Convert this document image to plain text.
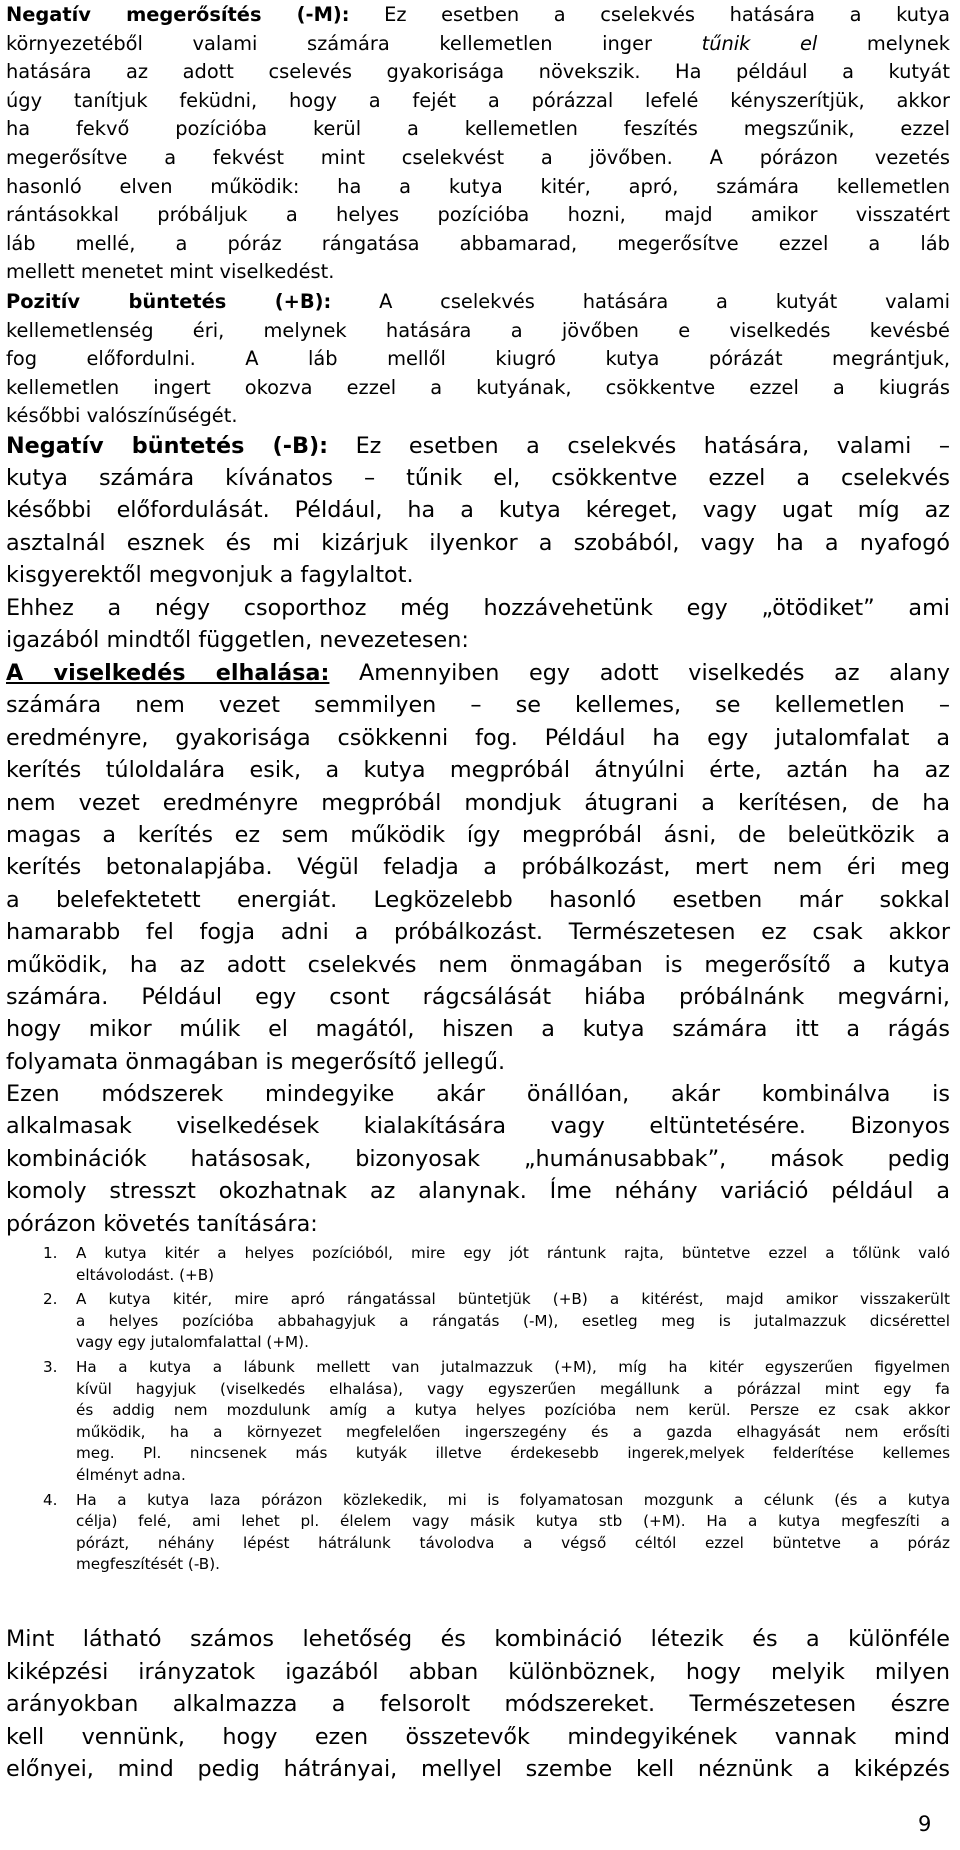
Negatív megerősítés (-M): Ez esetben a cselekvés hatására a kutya
környezetéből valami számára kellemetlen inger tűnik el melynek
hatására az adott cselevés gyakorisága növekszik. Ha például a kutyát
úgy tanítjuk feküdni, hogy a fejét a pórázzal lefelé kényszerítjük, akkor
ha fekvő pozícióba kerül a kellemetlen feszítés megszűnik, ezzel
megerősítve a fekvést mint cselekvést a jövőben. A pórázon vezetés
hasonló elven működik: ha a kutya kitér, apró, számára kellemetlen
rántásokkal próbáljuk a helyes pozícióba hozni, majd amikor visszatért
láb mellé, a póráz rángatása abbamarad, megerősítve ezzel a láb
mellett menetet mint viselkedést.
Pozitív büntetés (+B): A cselekvés hatására a kutyát valami
kellemetlenség éri, melynek hatására a jövőben e viselkedés kevésbé
fog előfordulni. A láb mellől kiugró kutya pórázát megrántjuk,
kellemetlen ingert okozva ezzel a kutyának, csökkentve ezzel a kiugrás
későbbi valószínűségét.
Negatív büntetés (-B): Ez esetben a cselekvés hatására, valami –
kutya számára kívánatos – tűnik el, csökkentve ezzel a cselekvés
későbbi előfordulását. Például, ha a kutya kéreget, vagy ugat míg az
asztalnál esznek és mi kizárjuk ilyenkor a szobából, vagy ha a nyafogó
kisgyerektől megvonjuk a fagylaltot.
Ehhez a négy csoporthoz még hozzávehetünk egy „ötödiket” ami
igazából mindtől független, nevezetesen:
A viselkedés elhalása: Amennyiben egy adott viselkedés az alany
számára nem vezet semmilyen – se kellemes, se kellemetlen –
eredményre, gyakorisága csökkenni fog. Például ha egy jutalomfalat a
kerítés túloldalára esik, a kutya megpróbál átnyúlni érte, aztán ha az
nem vezet eredményre megpróbál mondjuk átugrani a kerítésen, de ha
magas a kerítés ez sem működik így megpróbál ásni, de beleütközik a
kerítés betonalapjába. Végül feladja a próbálkozást, mert nem éri meg
a belefektetett energiát. Legközelebb hasonló esetben már sokkal
hamarabb fel fogja adni a próbálkozást. Természetesen ez csak akkor
működik, ha az adott cselekvés nem önmagában is megerősítő a kutya
számára. Például egy csont rágcsálását hiába próbálnánk megvárni,
hogy mikor múlik el magától, hiszen a kutya számára itt a rágás
folyamata önmagában is megerősítő jellegű.
Ezen módszerek mindegyike akár önállóan, akár kombinálva is
alkalmasak viselkedések kialakítására vagy eltüntetésére. Bizonyos
kombinációk hatásosak, bizonyosak „humánusabbak”, mások pedig
komoly stresszt okozhatnak az alanynak. Íme néhány variáció például a
pórázon követés tanítására:
1. A kutya kitér a helyes pozícióból, mire egy jót rántunk rajta, büntetve ezzel a tőlünk való
eltávolodást. (+B)
2. A kutya kitér, mire apró rángatással büntetjük (+B) a kitérést, majd amikor visszakerült
a helyes pozícióba abbahagyjuk a rángatás (-M), esetleg meg is jutalmazzuk dicsérettel
vagy egy jutalomfalattal (+M).
3. Ha a kutya a lábunk mellett van jutalmazzuk (+M), míg ha kitér egyszerűen figyelmen
kívül hagyjuk (viselkedés elhalása), vagy egyszerűen megállunk a pórázzal mint egy fa
és addig nem mozdulunk amíg a kutya helyes pozícióba nem kerül. Persze ez csak akkor
működik, ha a környezet megfelelően ingerszegény és a gazda elhagyását nem erősíti
meg. Pl. nincsenek más kutyák illetve érdekesebb ingerek,melyek felderítése kellemes
élményt adna.
4. Ha a kutya laza pórázon közlekedik, mi is folyamatosan mozgunk a célunk (és a kutya
célja) felé, ami lehet pl. élelem vagy másik kutya stb (+M). Ha a kutya megfeszíti a
pórázt, néhány lépést hátrálunk távolodva a végső céltól ezzel büntetve a póráz
megfeszítését (-B).
Mint látható számos lehetőség és kombináció létezik és a különféle
kiképzési irányzatok igazából abban különböznek, hogy melyik milyen
arányokban alkalmazza a felsorolt módszereket. Természetesen észre
kell vennünk, hogy ezen összetevők mindegyikének vannak mind
előnyei, mind pedig hátrányai, mellyel szembe kell néznünk a kiképzés
9
